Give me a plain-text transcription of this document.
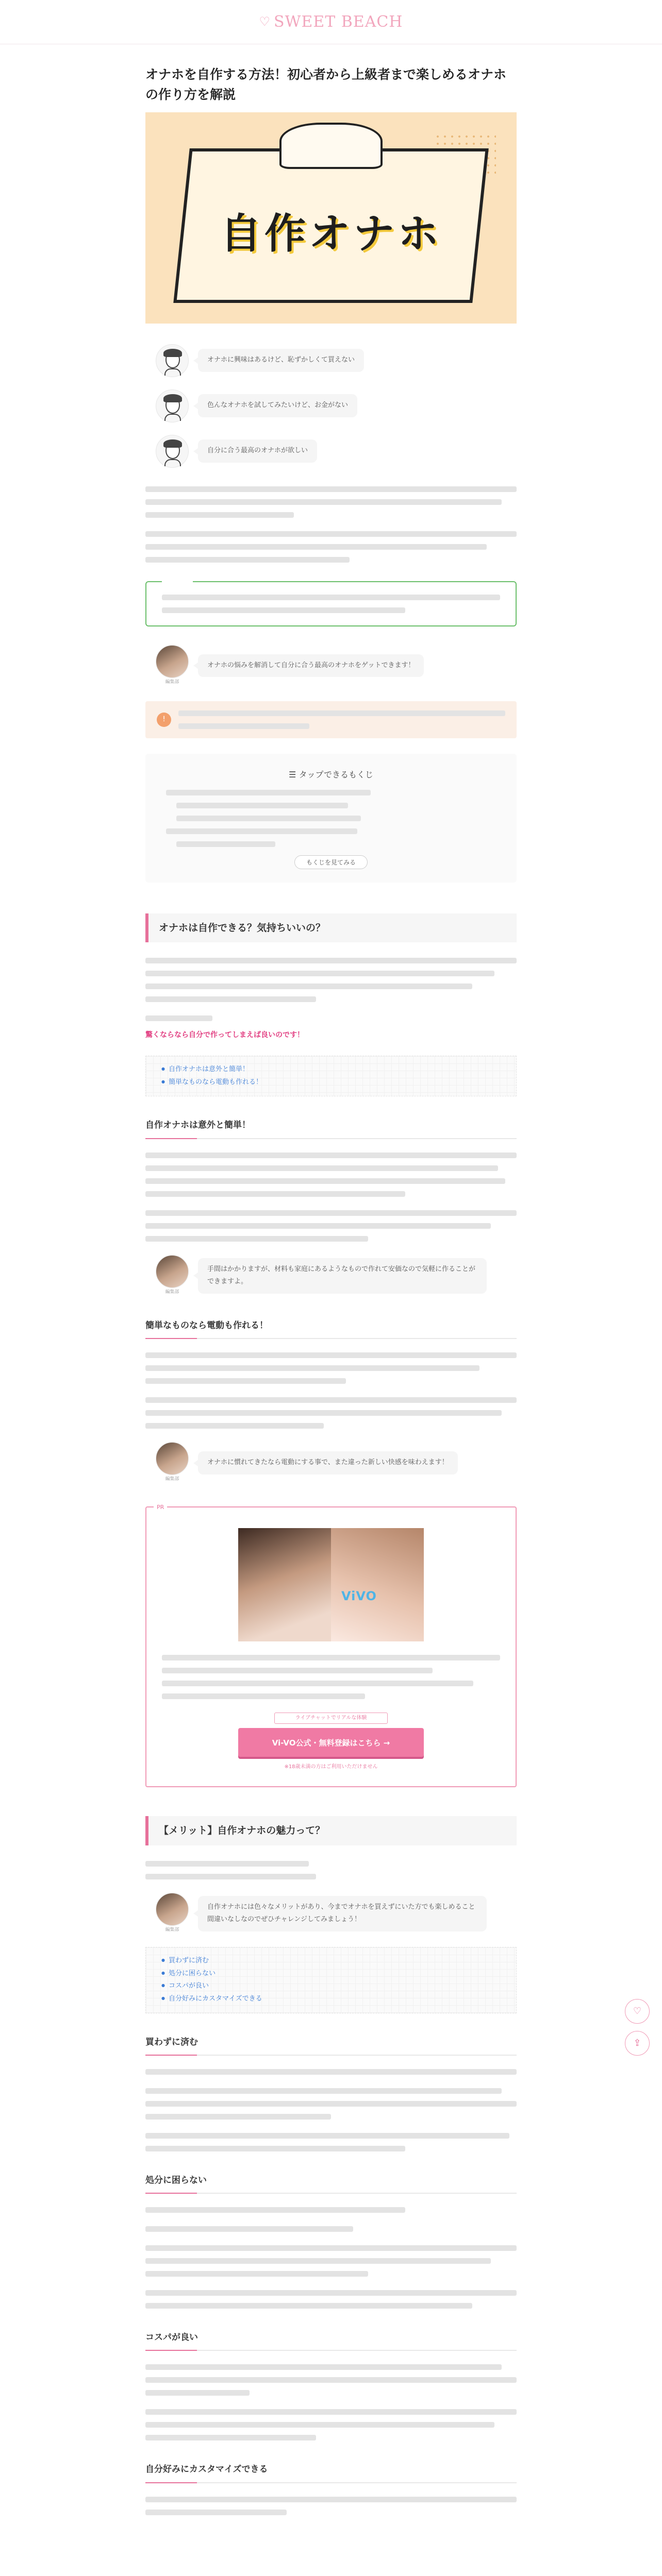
♡ SWEET BEACH
♡
⇪
オナホを自作する方法！初心者から上級者まで楽しめるオナホの作り方を解説
自作オナホ
オナホに興味はあるけど、恥ずかしくて買えない
色んなオナホを試してみたいけど、お金がない
自分に合う最高のオナホが欲しい
編集部
オナホの悩みを解消して自分に合う最高のオナホをゲットできます！
!
☰ タップできるもくじ
もくじを見てみる
オナホは自作できる？気持ちいいの？

驚くならなら自分で作ってしまえば良いのです！

● 自作オナホは意外と簡単！
● 簡単なものなら電動も作れる！
自作オナホは意外と簡単！
編集部
手間はかかりますが、材料も家庭にあるようなもので作れて安価なので気軽に作ることができますよ。
簡単なものなら電動も作れる！
編集部
オナホに慣れてきたなら電動にする事で、また違った新しい快感を味わえます！
PR
ViVO
ライブチャットでリアルな体験
Vi-VO公式・無料登録はこちら →

※18歳未満の方はご利用いただけません

【メリット】自作オナホの魅力って？
編集部
自作オナホには色々なメリットがあり、今までオナホを買えずにいた方でも楽しめること間違いなしなのでぜひチャレンジしてみましょう！
● 買わずに済む
● 処分に困らない
● コスパが良い
● 自分好みにカスタマイズできる
買わずに済む
処分に困らない
コスパが良い
自分好みにカスタマイズできる
